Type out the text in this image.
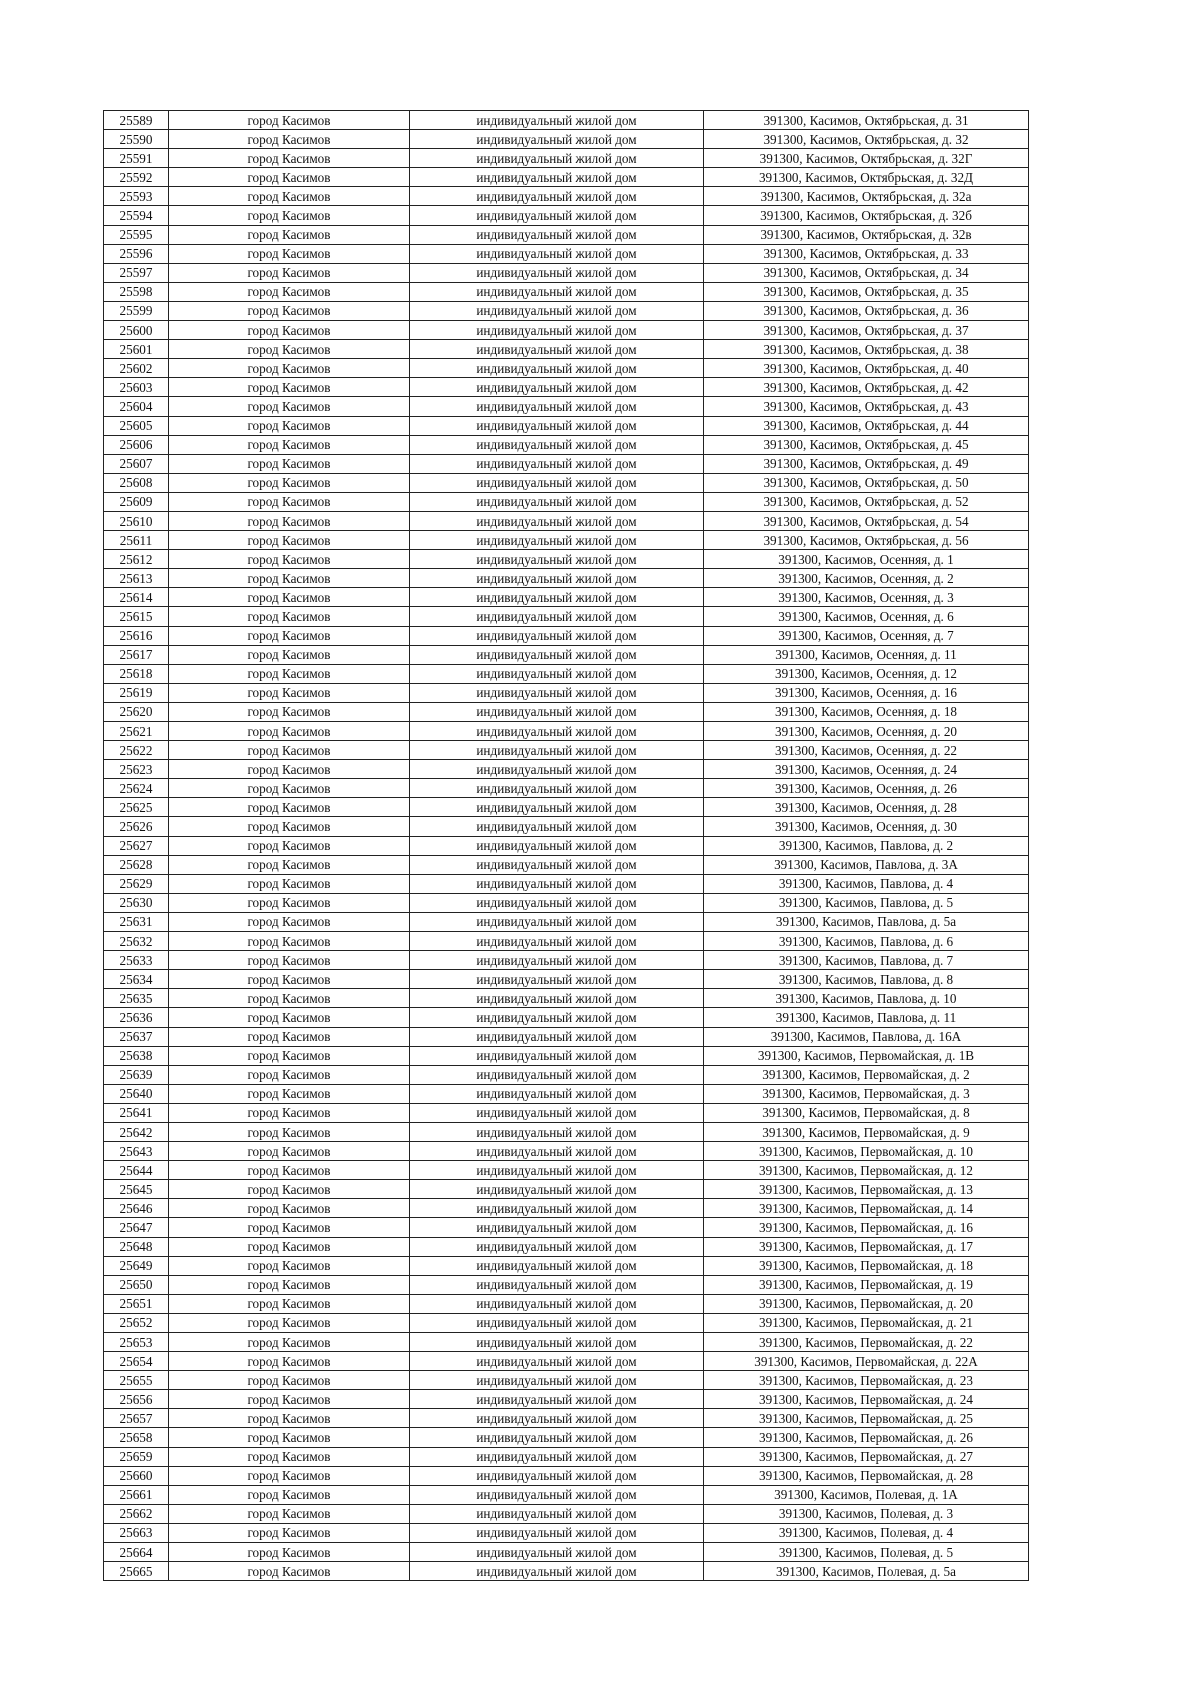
25589	город Касимов	индивидуальный жилой дом	391300, Касимов, Октябрьская, д. 31
25590	город Касимов	индивидуальный жилой дом	391300, Касимов, Октябрьская, д. 32
25591	город Касимов	индивидуальный жилой дом	391300, Касимов, Октябрьская, д. 32Г
25592	город Касимов	индивидуальный жилой дом	391300, Касимов, Октябрьская, д. 32Д
25593	город Касимов	индивидуальный жилой дом	391300, Касимов, Октябрьская, д. 32а
25594	город Касимов	индивидуальный жилой дом	391300, Касимов, Октябрьская, д. 32б
25595	город Касимов	индивидуальный жилой дом	391300, Касимов, Октябрьская, д. 32в
25596	город Касимов	индивидуальный жилой дом	391300, Касимов, Октябрьская, д. 33
25597	город Касимов	индивидуальный жилой дом	391300, Касимов, Октябрьская, д. 34
25598	город Касимов	индивидуальный жилой дом	391300, Касимов, Октябрьская, д. 35
25599	город Касимов	индивидуальный жилой дом	391300, Касимов, Октябрьская, д. 36
25600	город Касимов	индивидуальный жилой дом	391300, Касимов, Октябрьская, д. 37
25601	город Касимов	индивидуальный жилой дом	391300, Касимов, Октябрьская, д. 38
25602	город Касимов	индивидуальный жилой дом	391300, Касимов, Октябрьская, д. 40
25603	город Касимов	индивидуальный жилой дом	391300, Касимов, Октябрьская, д. 42
25604	город Касимов	индивидуальный жилой дом	391300, Касимов, Октябрьская, д. 43
25605	город Касимов	индивидуальный жилой дом	391300, Касимов, Октябрьская, д. 44
25606	город Касимов	индивидуальный жилой дом	391300, Касимов, Октябрьская, д. 45
25607	город Касимов	индивидуальный жилой дом	391300, Касимов, Октябрьская, д. 49
25608	город Касимов	индивидуальный жилой дом	391300, Касимов, Октябрьская, д. 50
25609	город Касимов	индивидуальный жилой дом	391300, Касимов, Октябрьская, д. 52
25610	город Касимов	индивидуальный жилой дом	391300, Касимов, Октябрьская, д. 54
25611	город Касимов	индивидуальный жилой дом	391300, Касимов, Октябрьская, д. 56
25612	город Касимов	индивидуальный жилой дом	391300, Касимов, Осенняя, д. 1
25613	город Касимов	индивидуальный жилой дом	391300, Касимов, Осенняя, д. 2
25614	город Касимов	индивидуальный жилой дом	391300, Касимов, Осенняя, д. 3
25615	город Касимов	индивидуальный жилой дом	391300, Касимов, Осенняя, д. 6
25616	город Касимов	индивидуальный жилой дом	391300, Касимов, Осенняя, д. 7
25617	город Касимов	индивидуальный жилой дом	391300, Касимов, Осенняя, д. 11
25618	город Касимов	индивидуальный жилой дом	391300, Касимов, Осенняя, д. 12
25619	город Касимов	индивидуальный жилой дом	391300, Касимов, Осенняя, д. 16
25620	город Касимов	индивидуальный жилой дом	391300, Касимов, Осенняя, д. 18
25621	город Касимов	индивидуальный жилой дом	391300, Касимов, Осенняя, д. 20
25622	город Касимов	индивидуальный жилой дом	391300, Касимов, Осенняя, д. 22
25623	город Касимов	индивидуальный жилой дом	391300, Касимов, Осенняя, д. 24
25624	город Касимов	индивидуальный жилой дом	391300, Касимов, Осенняя, д. 26
25625	город Касимов	индивидуальный жилой дом	391300, Касимов, Осенняя, д. 28
25626	город Касимов	индивидуальный жилой дом	391300, Касимов, Осенняя, д. 30
25627	город Касимов	индивидуальный жилой дом	391300, Касимов, Павлова, д. 2
25628	город Касимов	индивидуальный жилой дом	391300, Касимов, Павлова, д. 3А
25629	город Касимов	индивидуальный жилой дом	391300, Касимов, Павлова, д. 4
25630	город Касимов	индивидуальный жилой дом	391300, Касимов, Павлова, д. 5
25631	город Касимов	индивидуальный жилой дом	391300, Касимов, Павлова, д. 5а
25632	город Касимов	индивидуальный жилой дом	391300, Касимов, Павлова, д. 6
25633	город Касимов	индивидуальный жилой дом	391300, Касимов, Павлова, д. 7
25634	город Касимов	индивидуальный жилой дом	391300, Касимов, Павлова, д. 8
25635	город Касимов	индивидуальный жилой дом	391300, Касимов, Павлова, д. 10
25636	город Касимов	индивидуальный жилой дом	391300, Касимов, Павлова, д. 11
25637	город Касимов	индивидуальный жилой дом	391300, Касимов, Павлова, д. 16А
25638	город Касимов	индивидуальный жилой дом	391300, Касимов, Первомайская, д. 1В
25639	город Касимов	индивидуальный жилой дом	391300, Касимов, Первомайская, д. 2
25640	город Касимов	индивидуальный жилой дом	391300, Касимов, Первомайская, д. 3
25641	город Касимов	индивидуальный жилой дом	391300, Касимов, Первомайская, д. 8
25642	город Касимов	индивидуальный жилой дом	391300, Касимов, Первомайская, д. 9
25643	город Касимов	индивидуальный жилой дом	391300, Касимов, Первомайская, д. 10
25644	город Касимов	индивидуальный жилой дом	391300, Касимов, Первомайская, д. 12
25645	город Касимов	индивидуальный жилой дом	391300, Касимов, Первомайская, д. 13
25646	город Касимов	индивидуальный жилой дом	391300, Касимов, Первомайская, д. 14
25647	город Касимов	индивидуальный жилой дом	391300, Касимов, Первомайская, д. 16
25648	город Касимов	индивидуальный жилой дом	391300, Касимов, Первомайская, д. 17
25649	город Касимов	индивидуальный жилой дом	391300, Касимов, Первомайская, д. 18
25650	город Касимов	индивидуальный жилой дом	391300, Касимов, Первомайская, д. 19
25651	город Касимов	индивидуальный жилой дом	391300, Касимов, Первомайская, д. 20
25652	город Касимов	индивидуальный жилой дом	391300, Касимов, Первомайская, д. 21
25653	город Касимов	индивидуальный жилой дом	391300, Касимов, Первомайская, д. 22
25654	город Касимов	индивидуальный жилой дом	391300, Касимов, Первомайская, д. 22А
25655	город Касимов	индивидуальный жилой дом	391300, Касимов, Первомайская, д. 23
25656	город Касимов	индивидуальный жилой дом	391300, Касимов, Первомайская, д. 24
25657	город Касимов	индивидуальный жилой дом	391300, Касимов, Первомайская, д. 25
25658	город Касимов	индивидуальный жилой дом	391300, Касимов, Первомайская, д. 26
25659	город Касимов	индивидуальный жилой дом	391300, Касимов, Первомайская, д. 27
25660	город Касимов	индивидуальный жилой дом	391300, Касимов, Первомайская, д. 28
25661	город Касимов	индивидуальный жилой дом	391300, Касимов, Полевая, д. 1А
25662	город Касимов	индивидуальный жилой дом	391300, Касимов, Полевая, д. 3
25663	город Касимов	индивидуальный жилой дом	391300, Касимов, Полевая, д. 4
25664	город Касимов	индивидуальный жилой дом	391300, Касимов, Полевая, д. 5
25665	город Касимов	индивидуальный жилой дом	391300, Касимов, Полевая, д. 5а
